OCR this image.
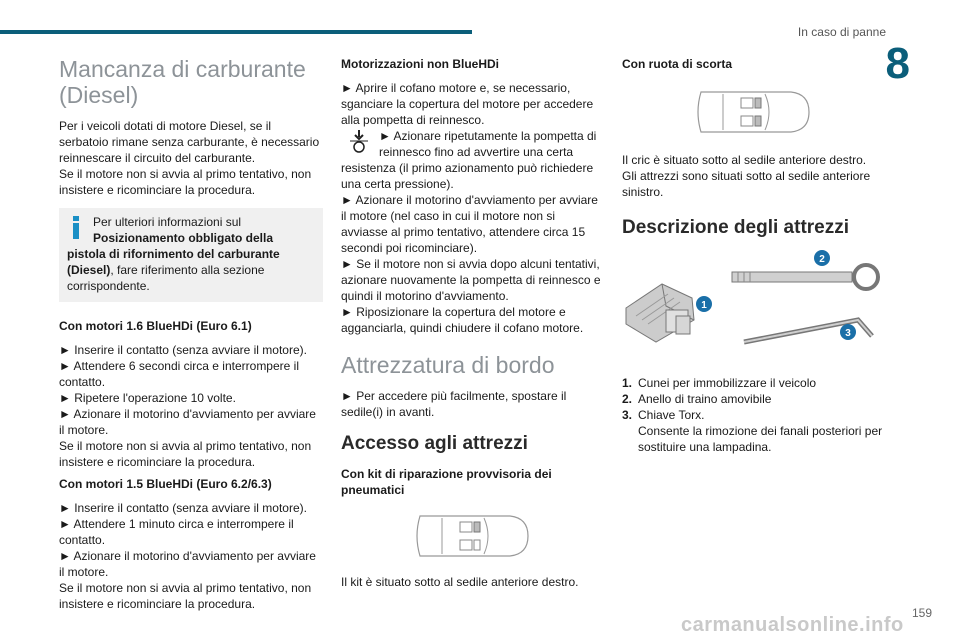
In caso di panne
8
Mancanza di carburante (Diesel)

Per i veicoli dotati di motore Diesel, se il serbatoio rimane senza carburante, è necessario reinnescare il circuito del carburante.

Se il motore non si avvia al primo tentativo, non insistere e ricominciare la procedura.

Per ulteriori informazioni sul Posizionamento obbligato della pistola di rifornimento del carburante (Diesel), fare riferimento alla sezione corrispondente.
Con motori 1.6 BlueHDi (Euro 6.1)

► Inserire il contatto (senza avviare il motore).

► Attendere 6 secondi circa e interrompere il contatto.

► Ripetere l'operazione 10 volte.

► Azionare il motorino d'avviamento per avviare il motore.

Se il motore non si avvia al primo tentativo, non insistere e ricominciare la procedura.

Con motori 1.5 BlueHDi (Euro 6.2/6.3)

► Inserire il contatto (senza avviare il motore).

► Attendere 1 minuto circa e interrompere il contatto.

► Azionare il motorino d'avviamento per avviare il motore.

Se il motore non si avvia al primo tentativo, non insistere e ricominciare la procedura.

Motorizzazioni non BlueHDi

► Aprire il cofano motore e, se necessario, sganciare la copertura del motore per accedere alla pompetta di reinnesco.

► Azionare ripetutamente la pompetta di reinnesco fino ad avvertire una certa resistenza (il primo azionamento può richiedere una certa pressione).

► Azionare il motorino d'avviamento per avviare il motore (nel caso in cui il motore non si avviasse al primo tentativo, attendere circa 15 secondi poi ricominciare).

► Se il motore non si avvia dopo alcuni tentativi, azionare nuovamente la pompetta di reinnesco e quindi il motorino d'avviamento.

► Riposizionare la copertura del motore e agganciarla, quindi chiudere il cofano motore.

Attrezzatura di bordo

► Per accedere più facilmente, spostare il sedile(i) in avanti.

Accesso agli attrezzi
Con kit di riparazione provvisoria dei pneumatici

Il kit è situato sotto al sedile anteriore destro.

Con ruota di scorta

Il cric è situato sotto al sedile anteriore destro. Gli attrezzi sono situati sotto al sedile anteriore sinistro.

Descrizione degli attrezzi
1
2
3
1. Cunei per immobilizzare il veicolo
2. Anello di traino amovibile
3. Chiave Torx.
Consente la rimozione dei fanali posteriori per sostituire una lampadina.
159
carmanualsonline.info
